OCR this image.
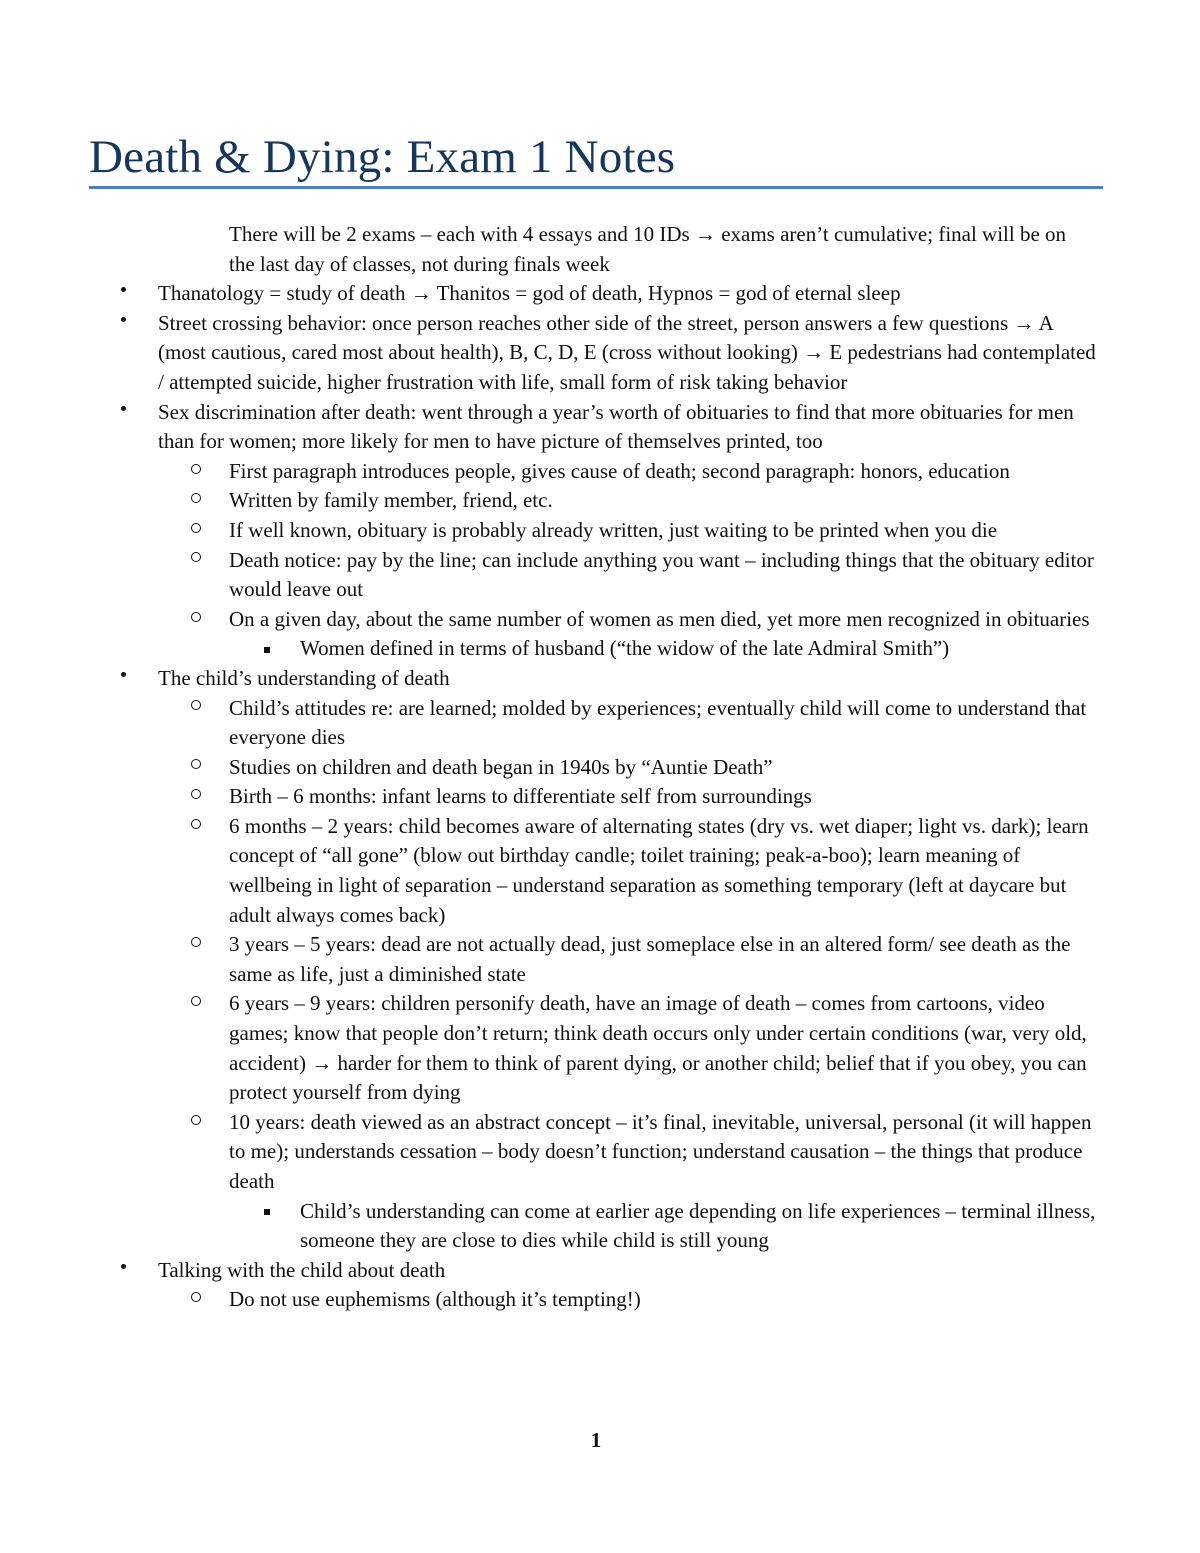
Death & Dying: Exam 1 Notes
There will be 2 exams – each with 4 essays and 10 IDs → exams aren’t cumulative; final will be on the last day of classes, not during finals week
Thanatology = study of death → Thanitos = god of death, Hypnos = god of eternal sleep
Street crossing behavior: once person reaches other side of the street, person answers a few questions → A (most cautious, cared most about health), B, C, D, E (cross without looking) → E pedestrians had contemplated / attempted suicide, higher frustration with life, small form of risk taking behavior
Sex discrimination after death: went through a year’s worth of obituaries to find that more obituaries for men than for women; more likely for men to have picture of themselves printed, too
First paragraph introduces people, gives cause of death; second paragraph: honors, education
Written by family member, friend, etc.
If well known, obituary is probably already written, just waiting to be printed when you die
Death notice: pay by the line; can include anything you want – including things that the obituary editor would leave out
On a given day, about the same number of women as men died, yet more men recognized in obituaries
Women defined in terms of husband (“the widow of the late Admiral Smith”)
The child’s understanding of death
Child’s attitudes re: are learned; molded by experiences; eventually child will come to understand that everyone dies
Studies on children and death began in 1940s by “Auntie Death”
Birth – 6 months: infant learns to differentiate self from surroundings
6 months – 2 years: child becomes aware of alternating states (dry vs. wet diaper; light vs. dark); learn concept of “all gone” (blow out birthday candle; toilet training; peak-a-boo); learn meaning of wellbeing in light of separation – understand separation as something temporary (left at daycare but adult always comes back)
3 years – 5 years: dead are not actually dead, just someplace else in an altered form/ see death as the same as life, just a diminished state
6 years – 9 years: children personify death, have an image of death – comes from cartoons, video games; know that people don’t return; think death occurs only under certain conditions (war, very old, accident) → harder for them to think of parent dying, or another child; belief that if you obey, you can protect yourself from dying
10 years: death viewed as an abstract concept – it’s final, inevitable, universal, personal (it will happen to me); understands cessation – body doesn’t function; understand causation – the things that produce death
Child’s understanding can come at earlier age depending on life experiences – terminal illness, someone they are close to dies while child is still young
Talking with the child about death
Do not use euphemisms (although it’s tempting!)
1
